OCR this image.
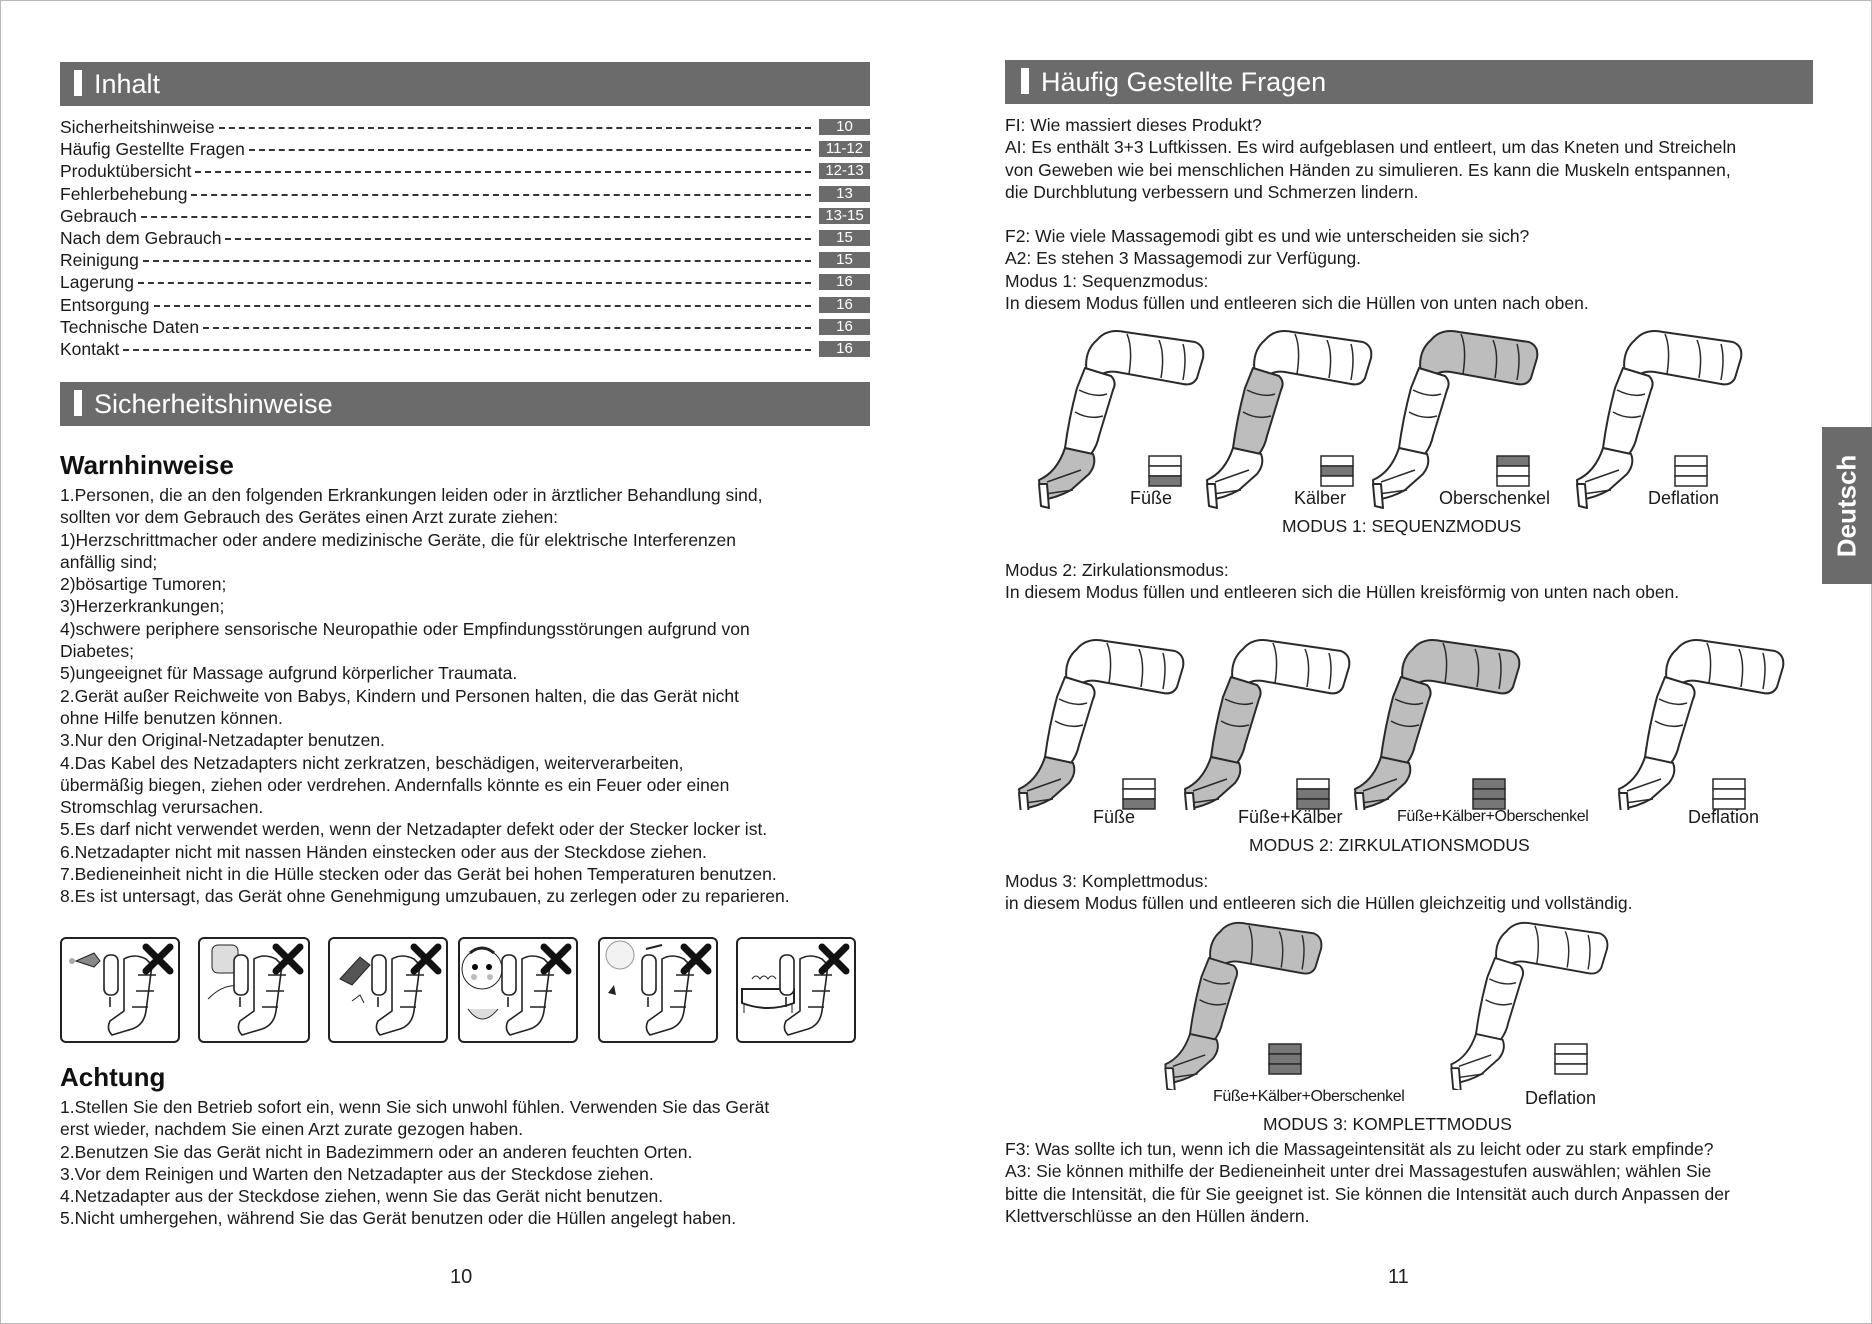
Inhalt
Sicherheitshinweise	10
Häufig Gestellte Fragen	11-12
Produktübersicht	12-13
Fehlerbehebung	13
Gebrauch	13-15
Nach dem Gebrauch	15
Reinigung	15
Lagerung	16
Entsorgung	16
Technische Daten	16
Kontakt	16
Sicherheitshinweise
Warnhinweise
1.Personen, die an den folgenden Erkrankungen leiden oder in ärztlicher Behandlung sind,
sollten vor dem Gebrauch des Gerätes einen Arzt zurate ziehen:
1)Herzschrittmacher oder andere medizinische Geräte, die für elektrische Interferenzen
anfällig sind;
2)bösartige Tumoren;
3)Herzerkrankungen;
4)schwere periphere sensorische Neuropathie oder Empfindungsstörungen aufgrund von
Diabetes;
5)ungeeignet für Massage aufgrund körperlicher Traumata.
2.Gerät außer Reichweite von Babys, Kindern und Personen halten, die das Gerät nicht
ohne Hilfe benutzen können.
3.Nur den Original-Netzadapter benutzen.
4.Das Kabel des Netzadapters nicht zerkratzen, beschädigen, weiterverarbeiten,
übermäßig biegen, ziehen oder verdrehen. Andernfalls könnte es ein Feuer oder einen
Stromschlag verursachen.
5.Es darf nicht verwendet werden, wenn der Netzadapter defekt oder der Stecker locker ist.
6.Netzadapter nicht mit nassen Händen einstecken oder aus der Steckdose ziehen.
7.Bedieneinheit nicht in die Hülle stecken oder das Gerät bei hohen Temperaturen benutzen.
8.Es ist untersagt, das Gerät ohne Genehmigung umzubauen, zu zerlegen oder zu reparieren.
Achtung
1.Stellen Sie den Betrieb sofort ein, wenn Sie sich unwohl fühlen. Verwenden Sie das Gerät
erst wieder, nachdem Sie einen Arzt zurate gezogen haben.
2.Benutzen Sie das Gerät nicht in Badezimmern oder an anderen feuchten Orten.
3.Vor dem Reinigen und Warten den Netzadapter aus der Steckdose ziehen.
4.Netzadapter aus der Steckdose ziehen, wenn Sie das Gerät nicht benutzen.
5.Nicht umhergehen, während Sie das Gerät benutzen oder die Hüllen angelegt haben.
10
Häufig Gestellte Fragen
FI: Wie massiert dieses Produkt?
AI: Es enthält 3+3 Luftkissen. Es wird aufgeblasen und entleert, um das Kneten und Streicheln
von Geweben wie bei menschlichen Händen zu simulieren. Es kann die Muskeln entspannen,
die Durchblutung verbessern und Schmerzen lindern.
F2: Wie viele Massagemodi gibt es und wie unterscheiden sie sich?
A2: Es stehen 3 Massagemodi zur Verfügung.
Modus 1: Sequenzmodus:
In diesem Modus füllen und entleeren sich die Hüllen von unten nach oben.
Füße	Kälber	Oberschenkel	Deflation
MODUS 1: SEQUENZMODUS
Modus 2: Zirkulationsmodus:
In diesem Modus füllen und entleeren sich die Hüllen kreisförmig von unten nach oben.
Füße	Füße+Kälber	Füße+Kälber+Oberschenkel	Deflation
MODUS 2: ZIRKULATIONSMODUS
Modus 3: Komplettmodus:
in diesem Modus füllen und entleeren sich die Hüllen gleichzeitig und vollständig.
Füße+Kälber+Oberschenkel	Deflation
MODUS 3: KOMPLETTMODUS
F3: Was sollte ich tun, wenn ich die Massageintensität als zu leicht oder zu stark empfinde?
A3: Sie können mithilfe der Bedieneinheit unter drei Massagestufen auswählen; wählen Sie
bitte die Intensität, die für Sie geeignet ist. Sie können die Intensität auch durch Anpassen der
Klettverschlüsse an den Hüllen ändern.
11
Deutsch
